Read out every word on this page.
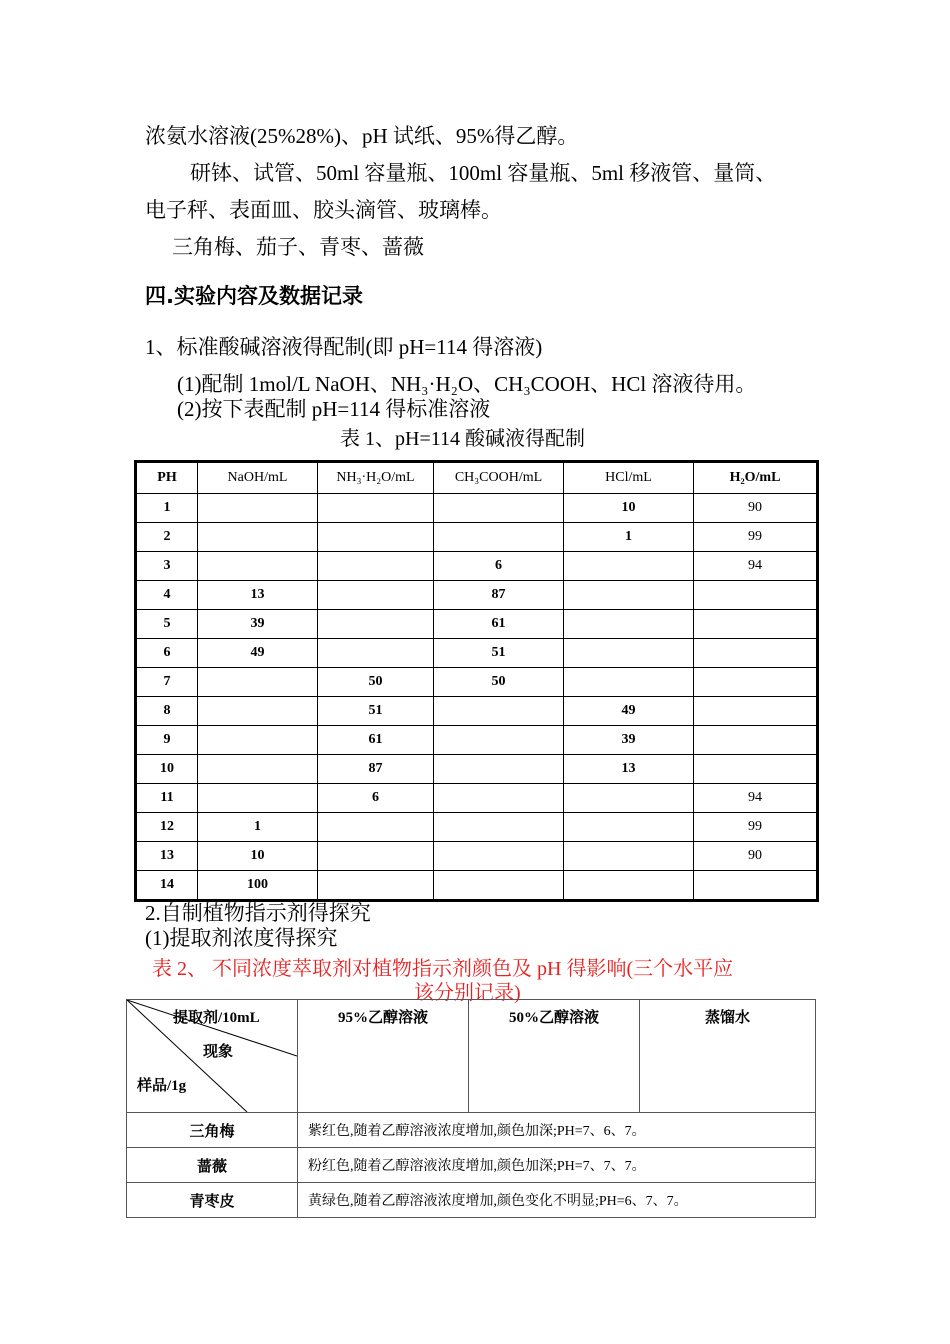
浓氨水溶液(25%28%)、pH 试纸、95%得乙醇。
研钵、试管、50ml 容量瓶、100ml 容量瓶、5ml 移液管、量筒、
电子秤、表面皿、胶头滴管、玻璃棒。
三角梅、茄子、青枣、蔷薇
四.实验内容及数据记录
1、标准酸碱溶液得配制(即 pH=114 得溶液)
(1)配制 1mol/L NaOH、NH₃·H₂O、CH₃COOH、HCl 溶液待用。
(2)按下表配制 pH=114 得标准溶液
表 1、pH=114 酸碱液得配制
PH	NaOH/mL	NH₃·H₂O/mL	CH₃COOH/mL	HCl/mL	H₂O/mL
1				10	90
2				1	99
3			6		94
4	13		87		
5	39		61		
6	49		51		
7		50	50		
8		51		49	
9		61		39	
10		87		13	
11		6			94
12	1				99
13	10				90
14	100				
2.自制植物指示剂得探究
(1)提取剂浓度得探究
表 2、 不同浓度萃取剂对植物指示剂颜色及 pH 得影响(三个水平应
该分别记录)
提取剂/10mL
现象
样品/1g	95%乙醇溶液	50%乙醇溶液	蒸馏水
三角梅	紫红色,随着乙醇溶液浓度增加,颜色加深;PH=7、6、7。		
蔷薇	粉红色,随着乙醇溶液浓度增加,颜色加深;PH=7、7、7。		
青枣皮	黄绿色,随着乙醇溶液浓度增加,颜色变化不明显;PH=6、7、7。		
